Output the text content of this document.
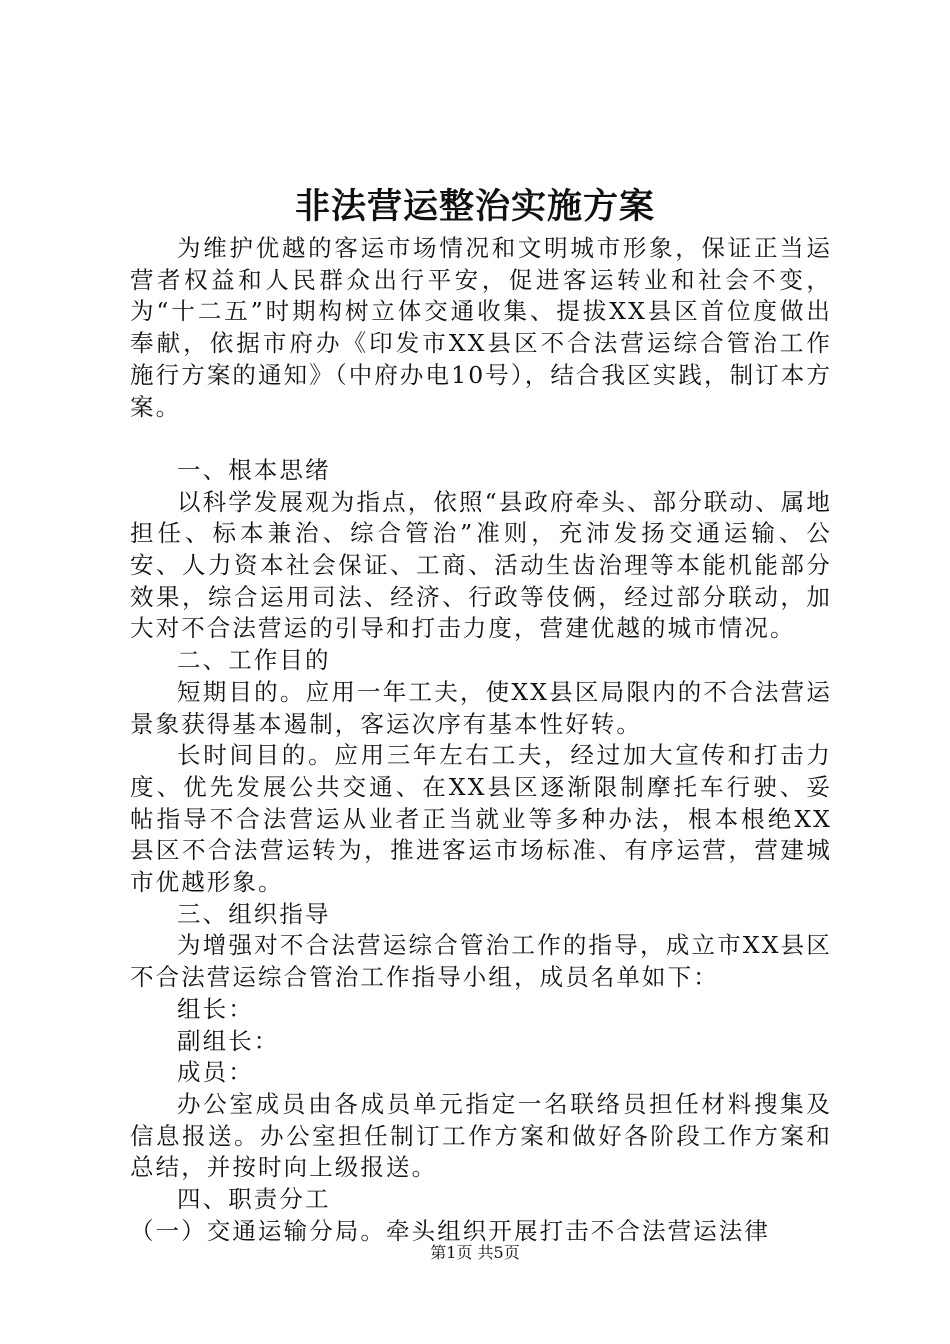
非法营运整治实施方案

为维护优越的客运市场情况和文明城市形象，保证正当运营者权益和人民群众出行平安，促进客运转业和社会不变，为“十二五”时期构树立体交通收集、提拔XX县区首位度做出奉献，依据市府办《印发市XX县区不合法营运综合管治工作施行方案的通知》（中府办电10号），结合我区实践，制订本方案。

一、根本思绪

以科学发展观为指点，依照“县政府牵头、部分联动、属地担任、标本兼治、综合管治”准则，充沛发扬交通运输、公安、人力资本社会保证、工商、活动生齿治理等本能机能部分效果，综合运用司法、经济、行政等伎俩，经过部分联动，加大对不合法营运的引导和打击力度，营建优越的城市情况。

二、工作目的

短期目的。应用一年工夫，使XX县区局限内的不合法营运景象获得基本遏制，客运次序有基本性好转。

长时间目的。应用三年左右工夫，经过加大宣传和打击力度、优先发展公共交通、在XX县区逐渐限制摩托车行驶、妥帖指导不合法营运从业者正当就业等多种办法，根本根绝XX县区不合法营运转为，推进客运市场标准、有序运营，营建城市优越形象。

三、组织指导

为增强对不合法营运综合管治工作的指导，成立市XX县区不合法营运综合管治工作指导小组，成员名单如下：

组长：

副组长：

成员：

办公室成员由各成员单元指定一名联络员担任材料搜集及信息报送。办公室担任制订工作方案和做好各阶段工作方案和总结，并按时向上级报送。

四、职责分工

（一）交通运输分局。牵头组织开展打击不合法营运法律

第1页 共5页
